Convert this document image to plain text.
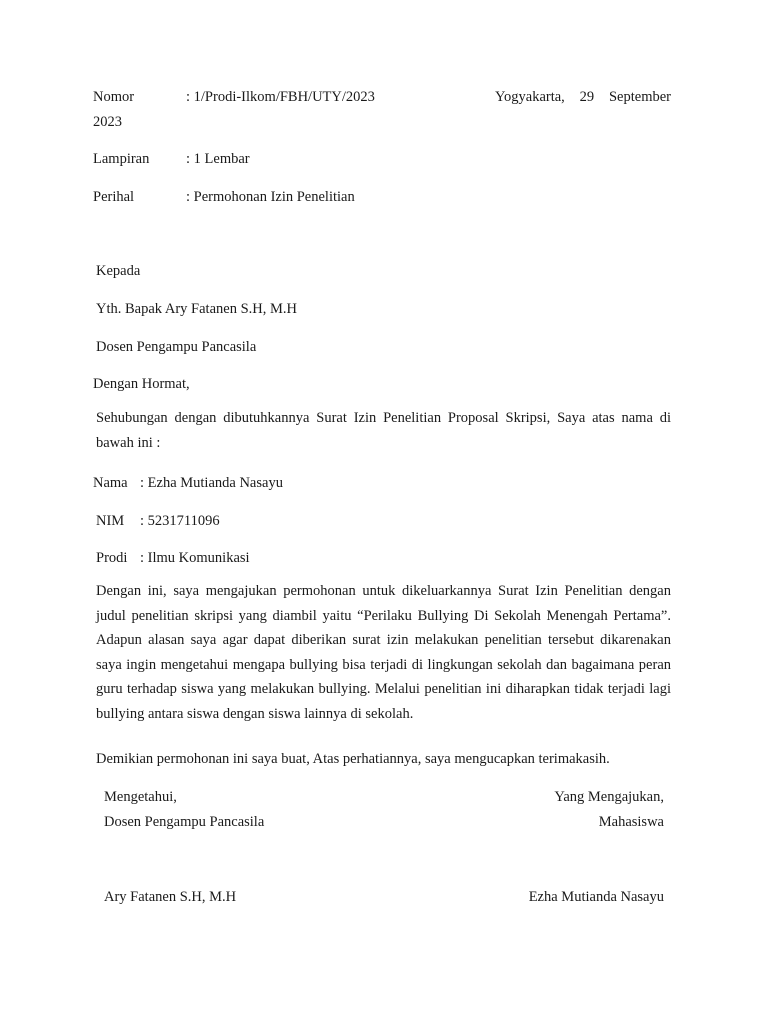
Nomor	: 1/Prodi-Ilkom/FBH/UTY/2023	Yogyakarta, 29 September
2023
Lampiran	: 1 Lembar
Perihal	: Permohonan Izin Penelitian
Kepada
Yth. Bapak Ary Fatanen S.H, M.H
Dosen Pengampu Pancasila
Dengan Hormat,
Sehubungan dengan dibutuhkannya Surat Izin Penelitian Proposal Skripsi, Saya atas nama di bawah ini :
Nama : Ezha Mutianda Nasayu
NIM : 5231711096
Prodi : Ilmu Komunikasi
Dengan ini, saya mengajukan permohonan untuk dikeluarkannya Surat Izin Penelitian dengan judul penelitian skripsi yang diambil yaitu “Perilaku Bullying Di Sekolah Menengah Pertama”. Adapun alasan saya agar dapat diberikan surat izin melakukan penelitian tersebut dikarenakan saya ingin mengetahui mengapa bullying bisa terjadi di lingkungan sekolah dan bagaimana peran guru terhadap siswa yang melakukan bullying. Melalui penelitian ini diharapkan tidak terjadi lagi bullying antara siswa dengan siswa lainnya di sekolah.
Demikian permohonan ini saya buat, Atas perhatiannya, saya mengucapkan terimakasih.
Mengetahui,	Yang Mengajukan,
Dosen Pengampu Pancasila	Mahasiswa
Ary Fatanen S.H, M.H	Ezha Mutianda Nasayu
